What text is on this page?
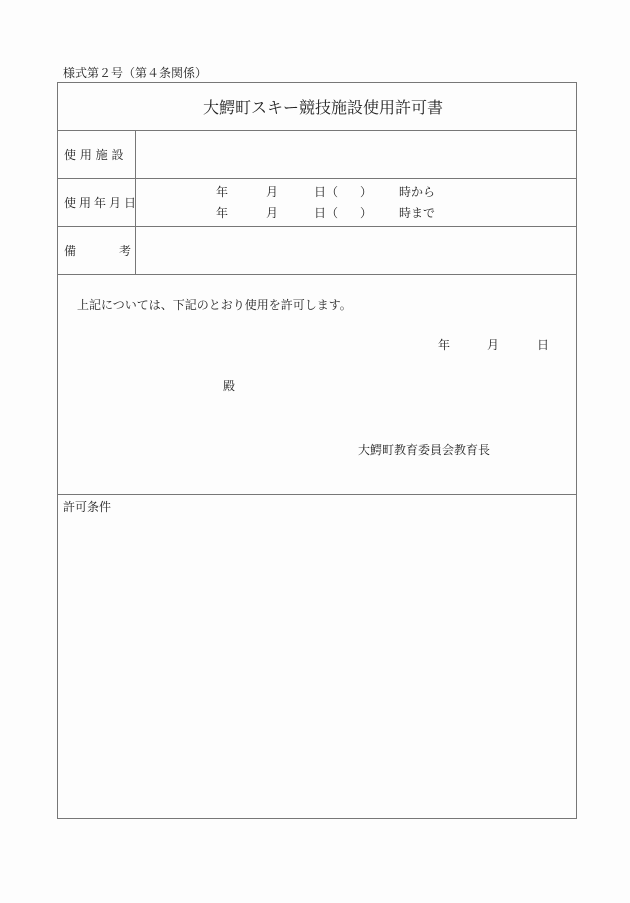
様式第２号（第４条関係）
大鰐町スキー競技施設使用許可書
使 用 施 設
使用年月日
年	月	日（ ） 時から
年	月	日（ ） 時まで
備	考
上記については、下記のとおり使用を許可します。
年	月	日
殿
大鰐町教育委員会教育長
許可条件
